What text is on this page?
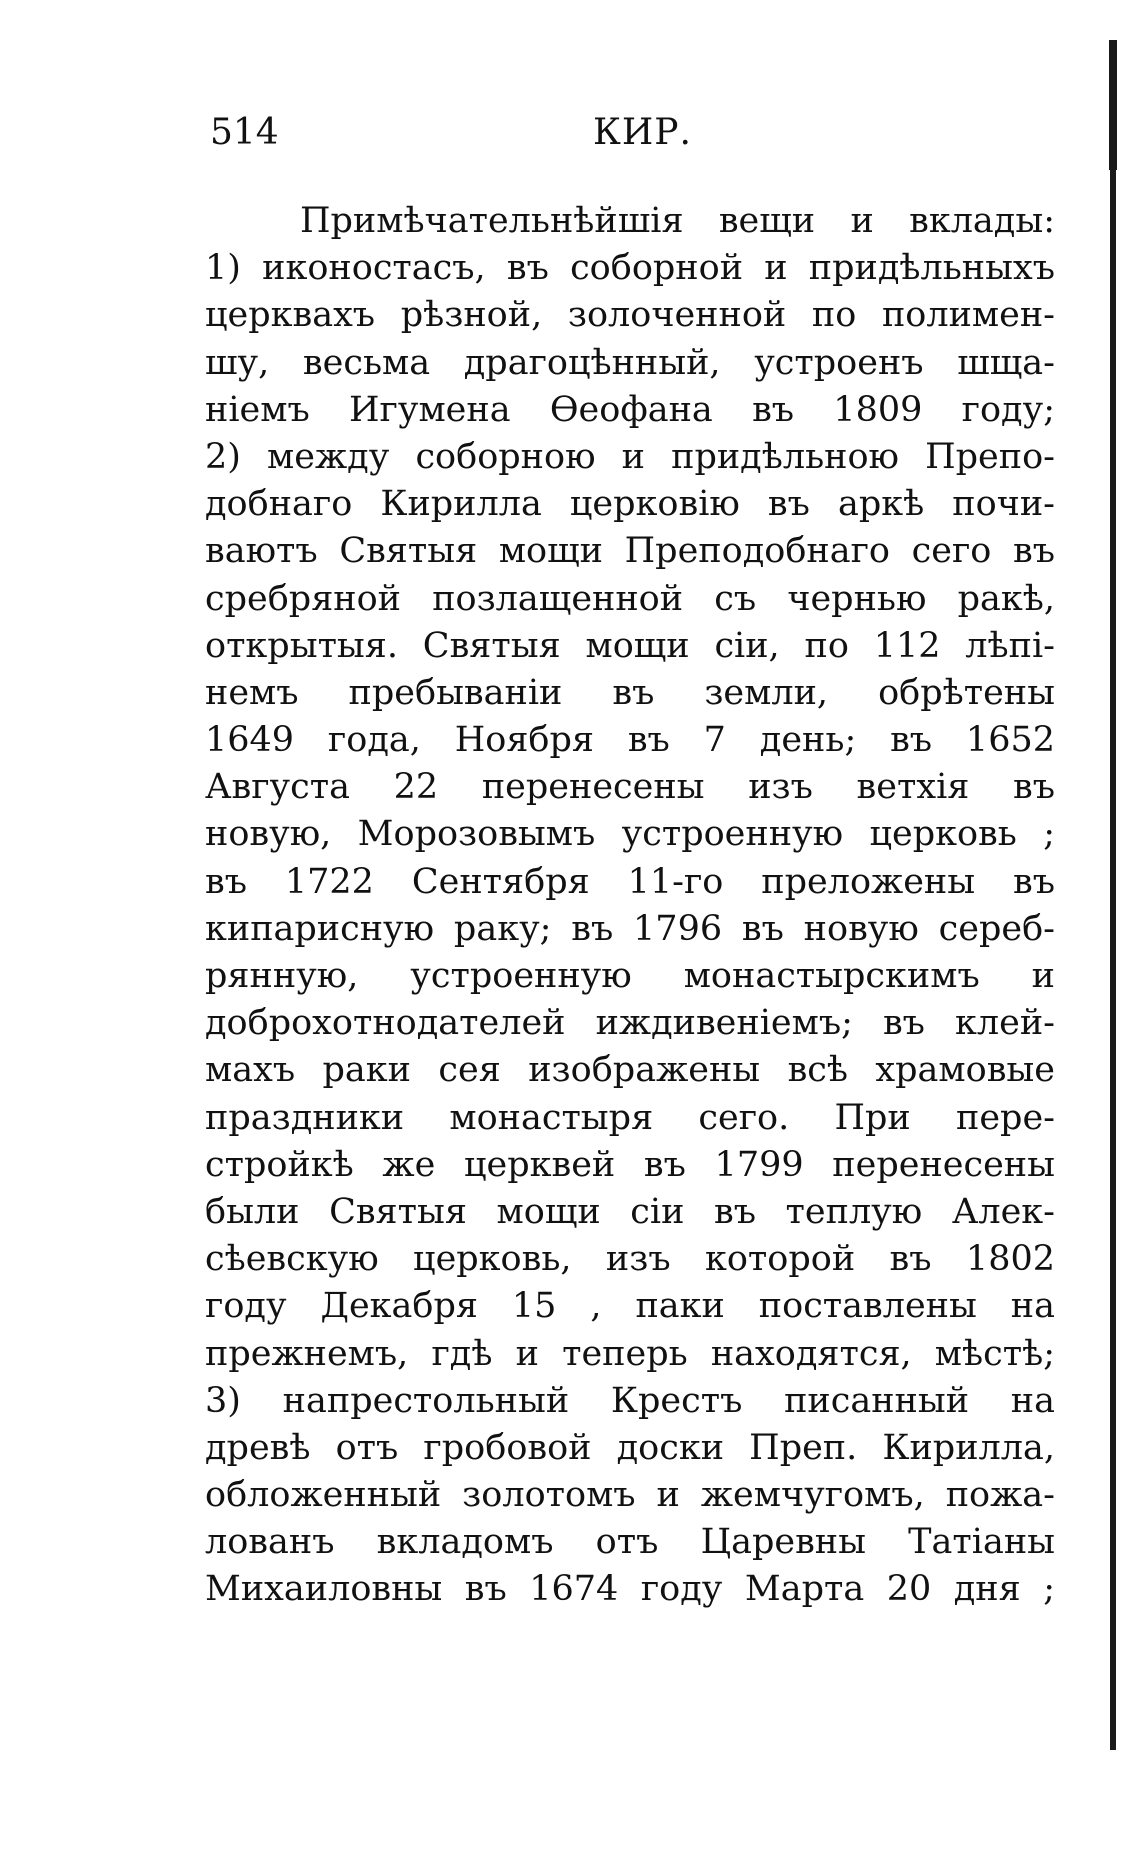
514	КИР.
Примѣчательнѣйшія вещи и вклады:
1) иконостасъ, въ соборной и придѣльныхъ
церквахъ рѣзной, золоченной по полимен-
шу, весьма драгоцѣнный, устроенъ шща-
ніемъ Игумена Ѳеофана въ 1809 году;
2) между соборною и придѣльною Препо-
добнаго Кирилла церковію въ аркѣ почи-
ваютъ Святыя мощи Преподобнаго сего въ
сребряной позлащенной съ чернью ракѣ,
открытыя. Святыя мощи сіи, по 112 лѣпі-
немъ пребываніи въ земли, обрѣтены
1649 года, Ноября въ 7 день; въ 1652
Августа 22 перенесены изъ ветхія въ
новую, Морозовымъ устроенную церковь ;
въ 1722 Сентября 11-го преложены въ
кипарисную раку; въ 1796 въ новую сереб-
рянную, устроенную монастырскимъ и
доброхотнодателей иждивеніемъ; въ клей-
махъ раки сея изображены всѣ храмовые
праздники монастыря сего. При пере-
стройкѣ же церквей въ 1799 перенесены
были Святыя мощи сіи въ теплую Алек-
сѣевскую церковь, изъ которой въ 1802
году Декабря 15 , паки поставлены на
прежнемъ, гдѣ и теперь находятся, мѣстѣ;
3) напрестольный Крестъ писанный на
древѣ отъ гробовой доски Преп. Кирилла,
обложенный золотомъ и жемчугомъ, пожа-
лованъ вкладомъ отъ Царевны Татіаны
Михаиловны въ 1674 году Марта 20 дня ;
